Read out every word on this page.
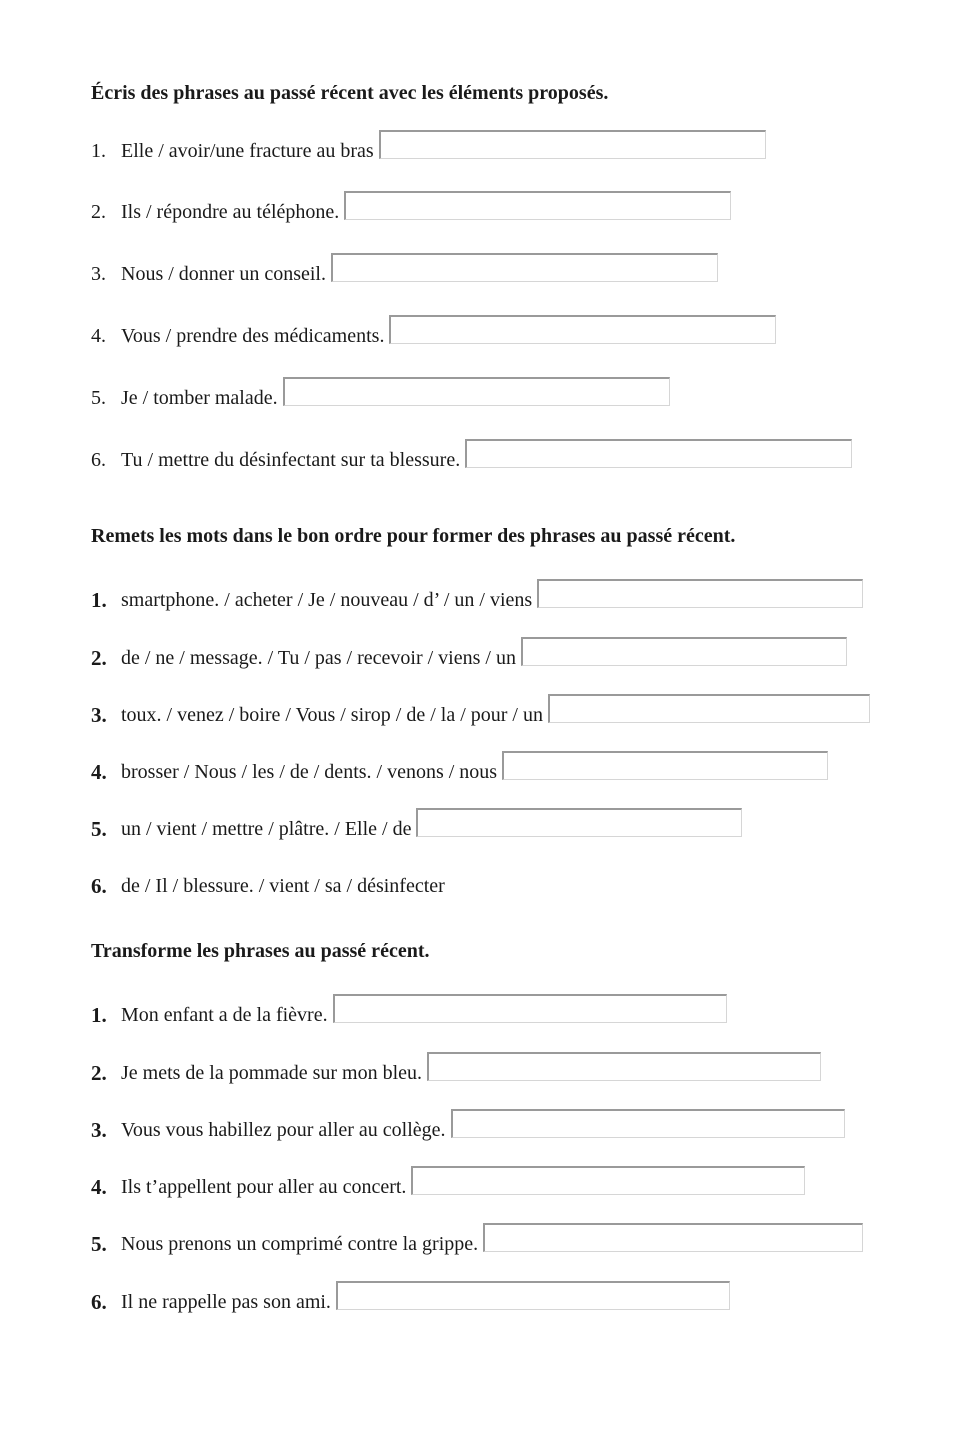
Écris des phrases au passé récent avec les éléments proposés.
1. Elle / avoir/une fracture au bras
2. Ils / répondre au téléphone.
3. Nous / donner un conseil.
4. Vous / prendre des médicaments.
5. Je / tomber malade.
6. Tu / mettre du désinfectant sur ta blessure.
Remets les mots dans le bon ordre pour former des phrases au passé récent.
1. smartphone. / acheter / Je / nouveau / d’ / un / viens
2. de / ne / message. / Tu / pas / recevoir / viens / un
3. toux. / venez / boire / Vous / sirop / de / la / pour / un
4. brosser / Nous / les / de / dents. / venons / nous
5. un / vient / mettre / plâtre. / Elle / de
6. de / Il / blessure. / vient / sa / désinfecter
Transforme les phrases au passé récent.
1. Mon enfant a de la fièvre.
2. Je mets de la pommade sur mon bleu.
3. Vous vous habillez pour aller au collège.
4. Ils t’appellent pour aller au concert.
5. Nous prenons un comprimé contre la grippe.
6. Il ne rappelle pas son ami.
